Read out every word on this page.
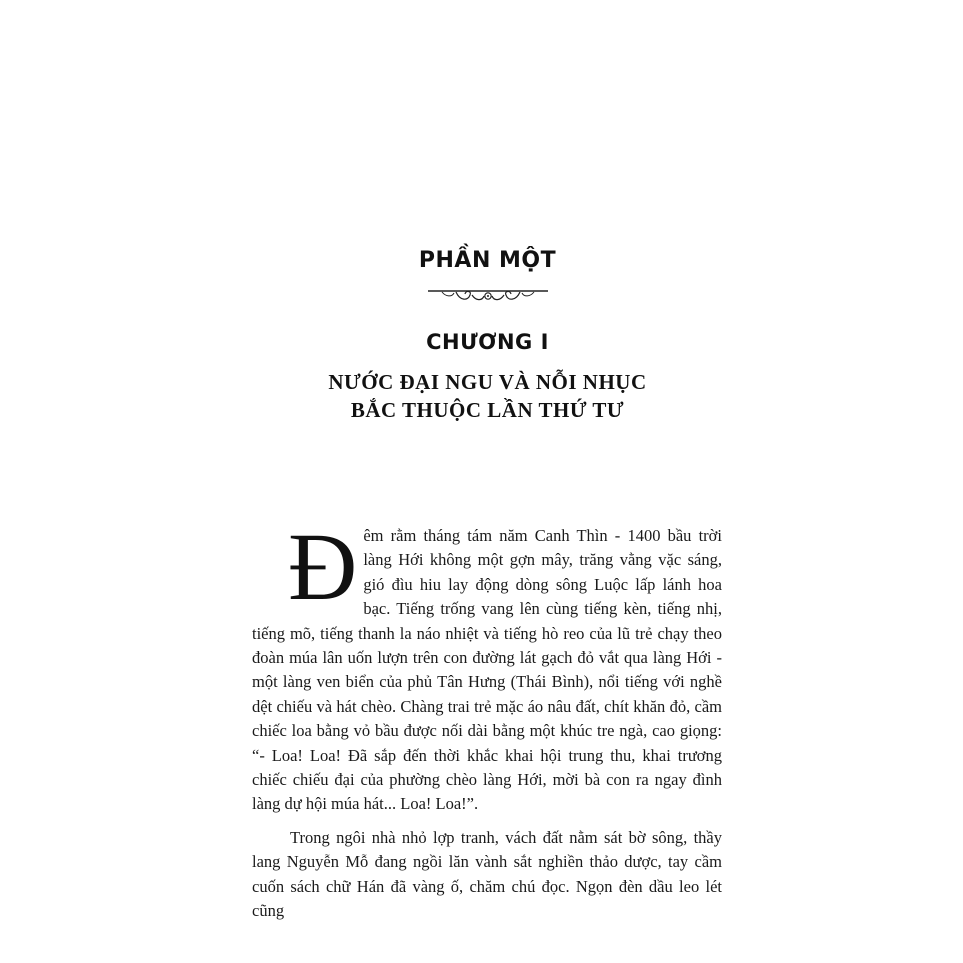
PHẦN MỘT
CHƯƠNG I
NƯỚC ĐẠI NGU VÀ NỖI NHỤC
BẮC THUỘC LẦN THỨ TƯ

Đêm rằm tháng tám năm Canh Thìn - 1400 bầu trời làng Hới không một gợn mây, trăng vằng vặc sáng, gió đìu hiu lay động dòng sông Luộc lấp lánh hoa bạc. Tiếng trống vang lên cùng tiếng kèn, tiếng nhị, tiếng mõ, tiếng thanh la náo nhiệt và tiếng hò reo của lũ trẻ chạy theo đoàn múa lân uốn lượn trên con đường lát gạch đỏ vắt qua làng Hới - một làng ven biển của phủ Tân Hưng (Thái Bình), nổi tiếng với nghề dệt chiếu và hát chèo. Chàng trai trẻ mặc áo nâu đất, chít khăn đỏ, cầm chiếc loa bằng vỏ bầu được nối dài bằng một khúc tre ngà, cao giọng: “- Loa! Loa! Đã sắp đến thời khắc khai hội trung thu, khai trương chiếc chiếu đại của phường chèo làng Hới, mời bà con ra ngay đình làng dự hội múa hát... Loa! Loa!”.

Trong ngôi nhà nhỏ lợp tranh, vách đất nằm sát bờ sông, thầy lang Nguyễn Mỗ đang ngồi lăn vành sắt nghiền thảo dược, tay cầm cuốn sách chữ Hán đã vàng ố, chăm chú đọc. Ngọn đèn dầu leo lét cũng
